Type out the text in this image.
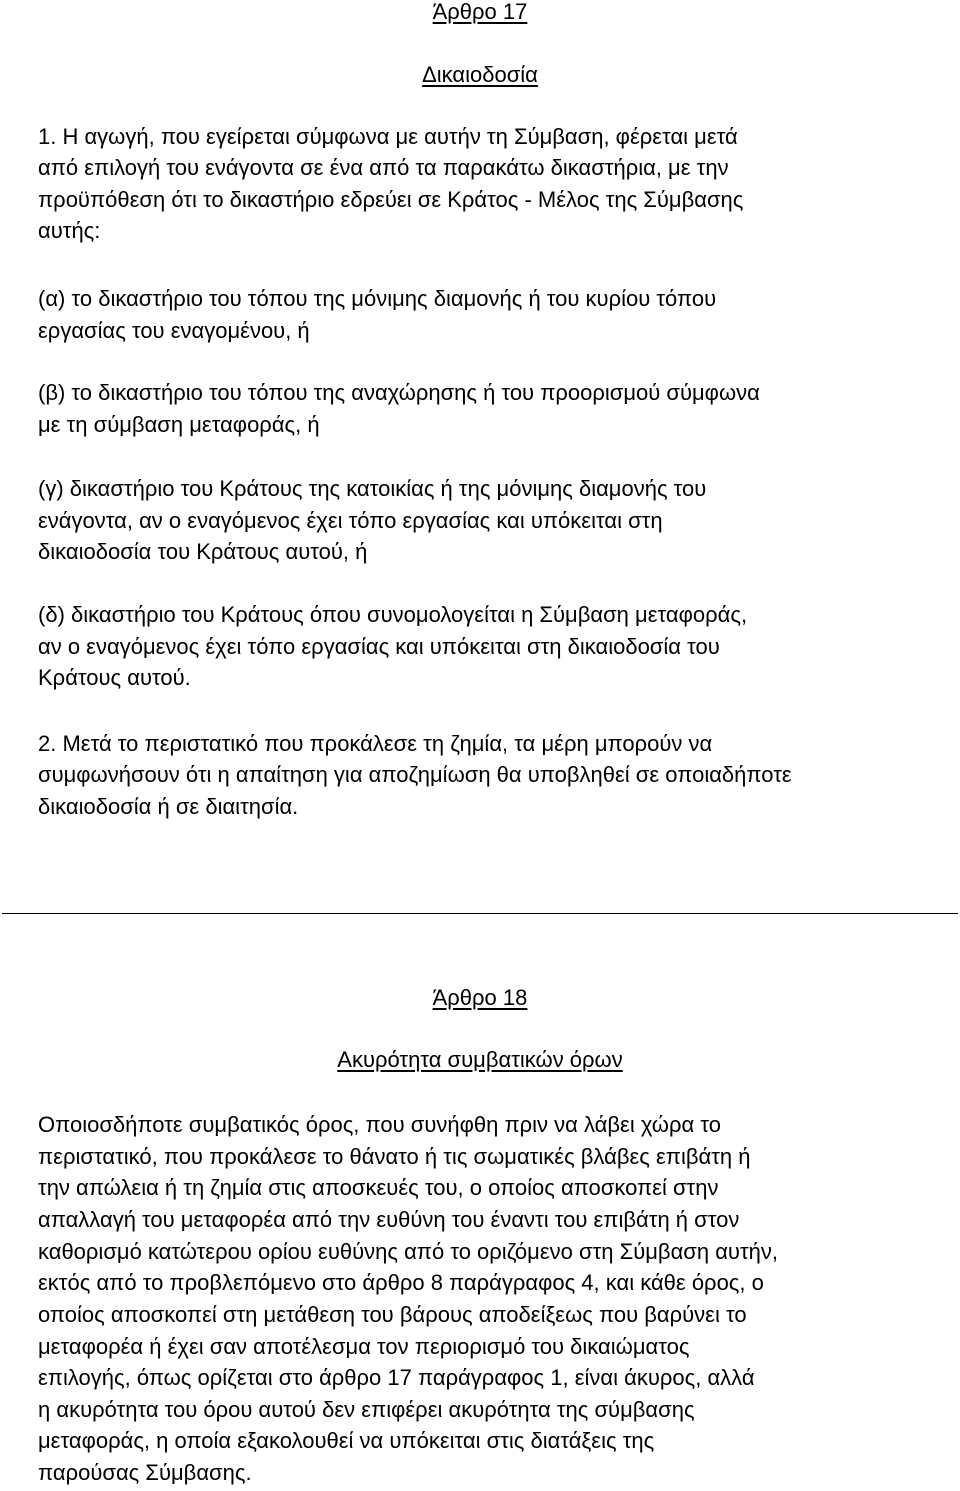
Άρθρο 17

Δικαιοδοσία

1. Η αγωγή, που εγείρεται σύμφωνα με αυτήν τη Σύμβαση, φέρεται μετά

από επιλογή του ενάγοντα σε ένα από τα παρακάτω δικαστήρια, με την

προϋπόθεση ότι το δικαστήριο εδρεύει σε Κράτος - Μέλος της Σύμβασης

αυτής:

(α) το δικαστήριο του τόπου της μόνιμης διαμονής ή του κυρίου τόπου

εργασίας του εναγομένου, ή

(β) το δικαστήριο του τόπου της αναχώρησης ή του προορισμού σύμφωνα

με τη σύμβαση μεταφοράς, ή

(γ) δικαστήριο του Κράτους της κατοικίας ή της μόνιμης διαμονής του

ενάγοντα, αν ο εναγόμενος έχει τόπο εργασίας και υπόκειται στη

δικαιοδοσία του Κράτους αυτού, ή

(δ) δικαστήριο του Κράτους όπου συνομολογείται η Σύμβαση μεταφοράς,

αν ο εναγόμενος έχει τόπο εργασίας και υπόκειται στη δικαιοδοσία του

Κράτους αυτού.

2. Μετά το περιστατικό που προκάλεσε τη ζημία, τα μέρη μπορούν να

συμφωνήσουν ότι η απαίτηση για αποζημίωση θα υποβληθεί σε οποιαδήποτε

δικαιοδοσία ή σε διαιτησία.

Άρθρο 18

Ακυρότητα συμβατικών όρων

Οποιοσδήποτε συμβατικός όρος, που συνήφθη πριν να λάβει χώρα το

περιστατικό, που προκάλεσε το θάνατο ή τις σωματικές βλάβες επιβάτη ή

την απώλεια ή τη ζημία στις αποσκευές του, ο οποίος αποσκοπεί στην

απαλλαγή του μεταφορέα από την ευθύνη του έναντι του επιβάτη ή στον

καθορισμό κατώτερου ορίου ευθύνης από το οριζόμενο στη Σύμβαση αυτήν,

εκτός από το προβλεπόμενο στο άρθρο 8 παράγραφος 4, και κάθε όρος, ο

οποίος αποσκοπεί στη μετάθεση του βάρους αποδείξεως που βαρύνει το

μεταφορέα ή έχει σαν αποτέλεσμα τον περιορισμό του δικαιώματος

επιλογής, όπως ορίζεται στο άρθρο 17 παράγραφος 1, είναι άκυρος, αλλά

η ακυρότητα του όρου αυτού δεν επιφέρει ακυρότητα της σύμβασης

μεταφοράς, η οποία εξακολουθεί να υπόκειται στις διατάξεις της

παρούσας Σύμβασης.
